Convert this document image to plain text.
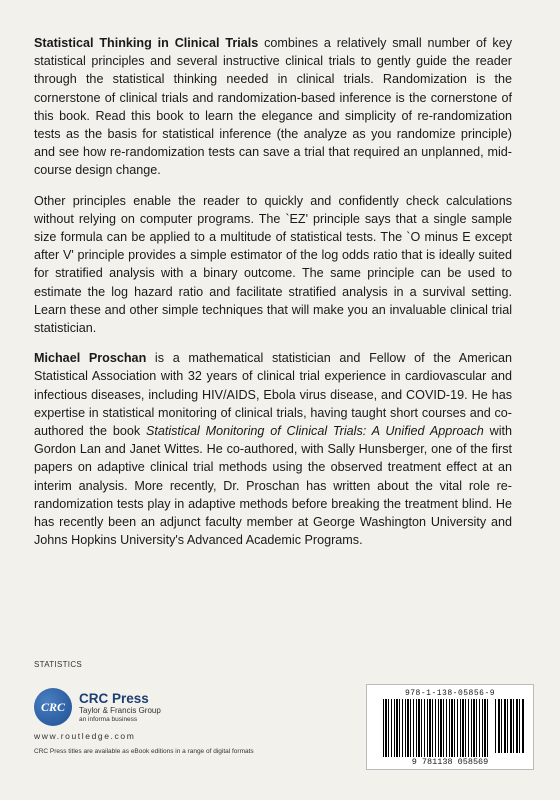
Statistical Thinking in Clinical Trials combines a relatively small number of key statistical principles and several instructive clinical trials to gently guide the reader through the statistical thinking needed in clinical trials. Randomization is the cornerstone of clinical trials and randomization-based inference is the cornerstone of this book. Read this book to learn the elegance and simplicity of re-randomization tests as the basis for statistical inference (the analyze as you randomize principle) and see how re-randomization tests can save a trial that required an unplanned, mid-course design change.

Other principles enable the reader to quickly and confidently check calculations without relying on computer programs. The `EZ' principle says that a single sample size formula can be applied to a multitude of statistical tests. The `O minus E except after V' principle provides a simple estimator of the log odds ratio that is ideally suited for stratified analysis with a binary outcome. The same principle can be used to estimate the log hazard ratio and facilitate stratified analysis in a survival setting. Learn these and other simple techniques that will make you an invaluable clinical trial statistician.

Michael Proschan is a mathematical statistician and Fellow of the American Statistical Association with 32 years of clinical trial experience in cardiovascular and infectious diseases, including HIV/AIDS, Ebola virus disease, and COVID-19. He has expertise in statistical monitoring of clinical trials, having taught short courses and co-authored the book Statistical Monitoring of Clinical Trials: A Unified Approach with Gordon Lan and Janet Wittes. He co-authored, with Sally Hunsberger, one of the first papers on adaptive clinical trial methods using the observed treatment effect at an interim analysis. More recently, Dr. Proschan has written about the vital role re-randomization tests play in adaptive methods before breaking the treatment blind. He has recently been an adjunct faculty member at George Washington University and Johns Hopkins University's Advanced Academic Programs.

STATISTICS
CRC
CRC Press
Taylor & Francis Group
an informa business
www.routledge.com
CRC Press titles are available as eBook editions in a range of digital formats
978-1-138-05856-9
9 781138 058569
